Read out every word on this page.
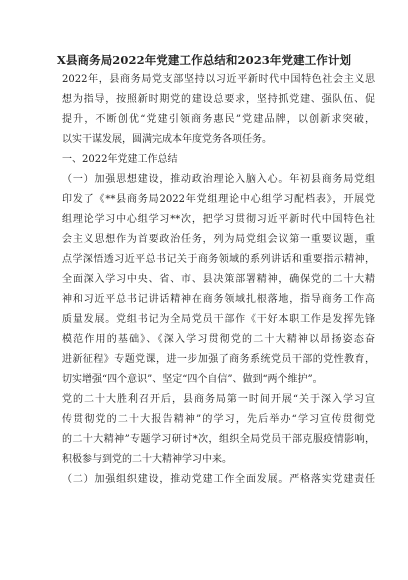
X县商务局2022年党建工作总结和2023年党建工作计划
2022年，县商务局党支部坚持以习近平新时代中国特色社会主义思
想为指导，按照新时期党的建设总要求，坚持抓党建、强队伍、促
提升，不断创优“党建引领商务惠民”党建品牌，以创新求突破，
以实干谋发展，圆满完成本年度党务各项任务。
一、2022年党建工作总结
（一）加强思想建设，推动政治理论入脑入心。年初县商务局党组
印发了《**县商务局2022年党组理论中心组学习配档表》，开展党
组理论学习中心组学习**次，把学习贯彻习近平新时代中国特色社
会主义思想作为首要政治任务，列为局党组会议第一重要议题，重
点学深悟透习近平总书记关于商务领域的系列讲话和重要指示精神，
全面深入学习中央、省、市、县决策部署精神，确保党的二十大精
神和习近平总书记讲话精神在商务领域扎根落地，指导商务工作高
质量发展。党组书记为全局党员干部作《干好本职工作是发挥先锋
模范作用的基础》、《深入学习贯彻党的二十大精神以昂扬姿态奋
进新征程》专题党课，进一步加强了商务系统党员干部的党性教育，
切实增强“四个意识”、坚定“四个自信”、做到“两个维护”。
党的二十大胜利召开后，县商务局第一时间开展“关于深入学习宣
传贯彻党的二十大报告精神”的学习，先后举办“学习宣传贯彻党
的二十大精神”专题学习研讨*次，组织全局党员干部克服疫情影响，
积极参与到党的二十大精神学习中来。
（二）加强组织建设，推动党建工作全面发展。严格落实党建责任
